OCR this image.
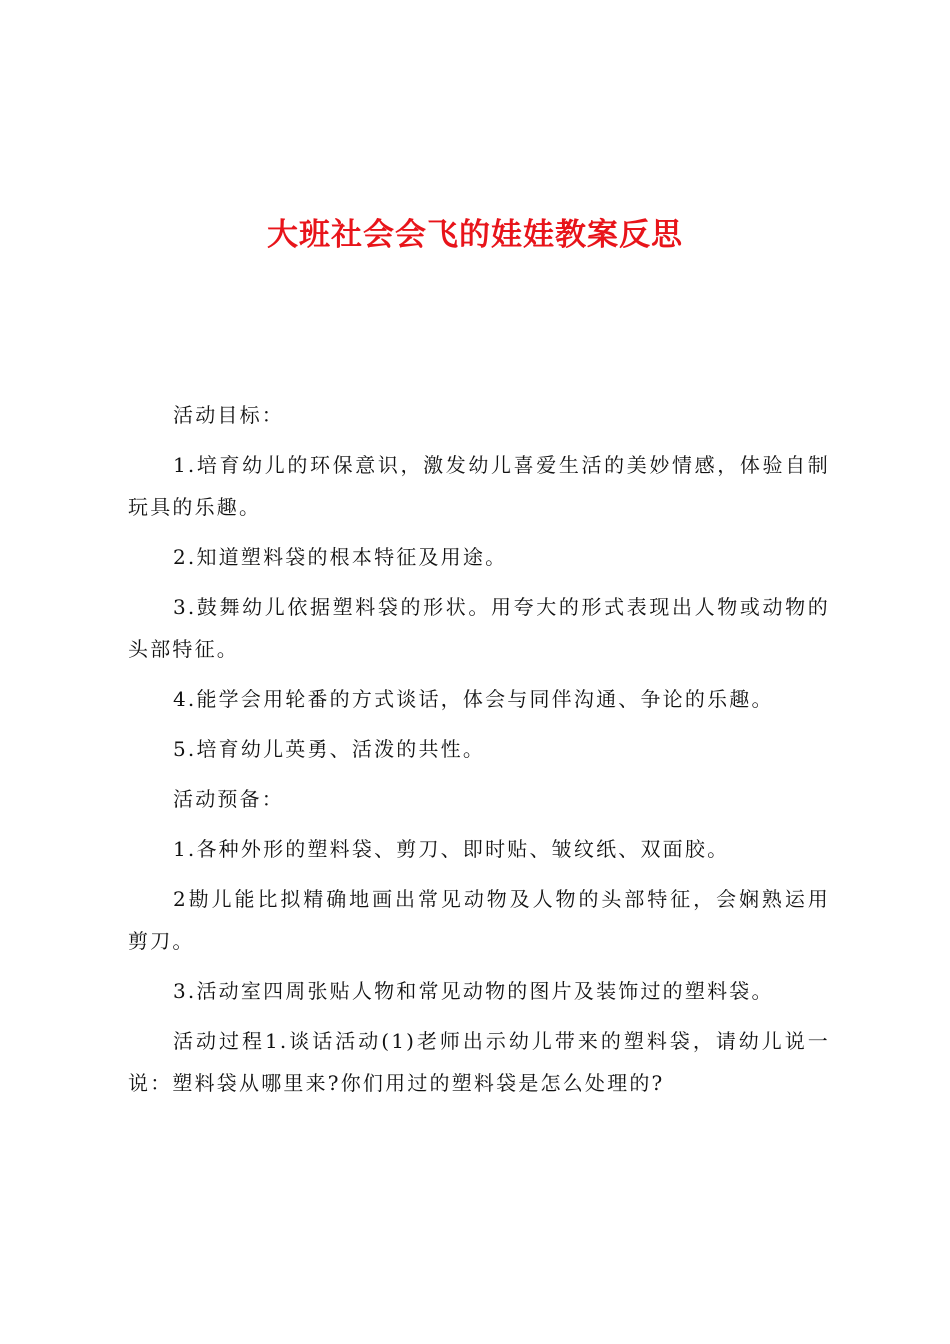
大班社会会飞的娃娃教案反思

活动目标：

1.培育幼儿的环保意识，激发幼儿喜爱生活的美妙情感，体验自制玩具的乐趣。

2.知道塑料袋的根本特征及用途。

3.鼓舞幼儿依据塑料袋的形状。用夸大的形式表现出人物或动物的头部特征。

4.能学会用轮番的方式谈话，体会与同伴沟通、争论的乐趣。

5.培育幼儿英勇、活泼的共性。

活动预备：

1.各种外形的塑料袋、剪刀、即时贴、皱纹纸、双面胶。

2勘儿能比拟精确地画出常见动物及人物的头部特征，会娴熟运用剪刀。

3.活动室四周张贴人物和常见动物的图片及装饰过的塑料袋。

活动过程1.谈话活动(1)老师出示幼儿带来的塑料袋，请幼儿说一说：塑料袋从哪里来?你们用过的塑料袋是怎么处理的?
